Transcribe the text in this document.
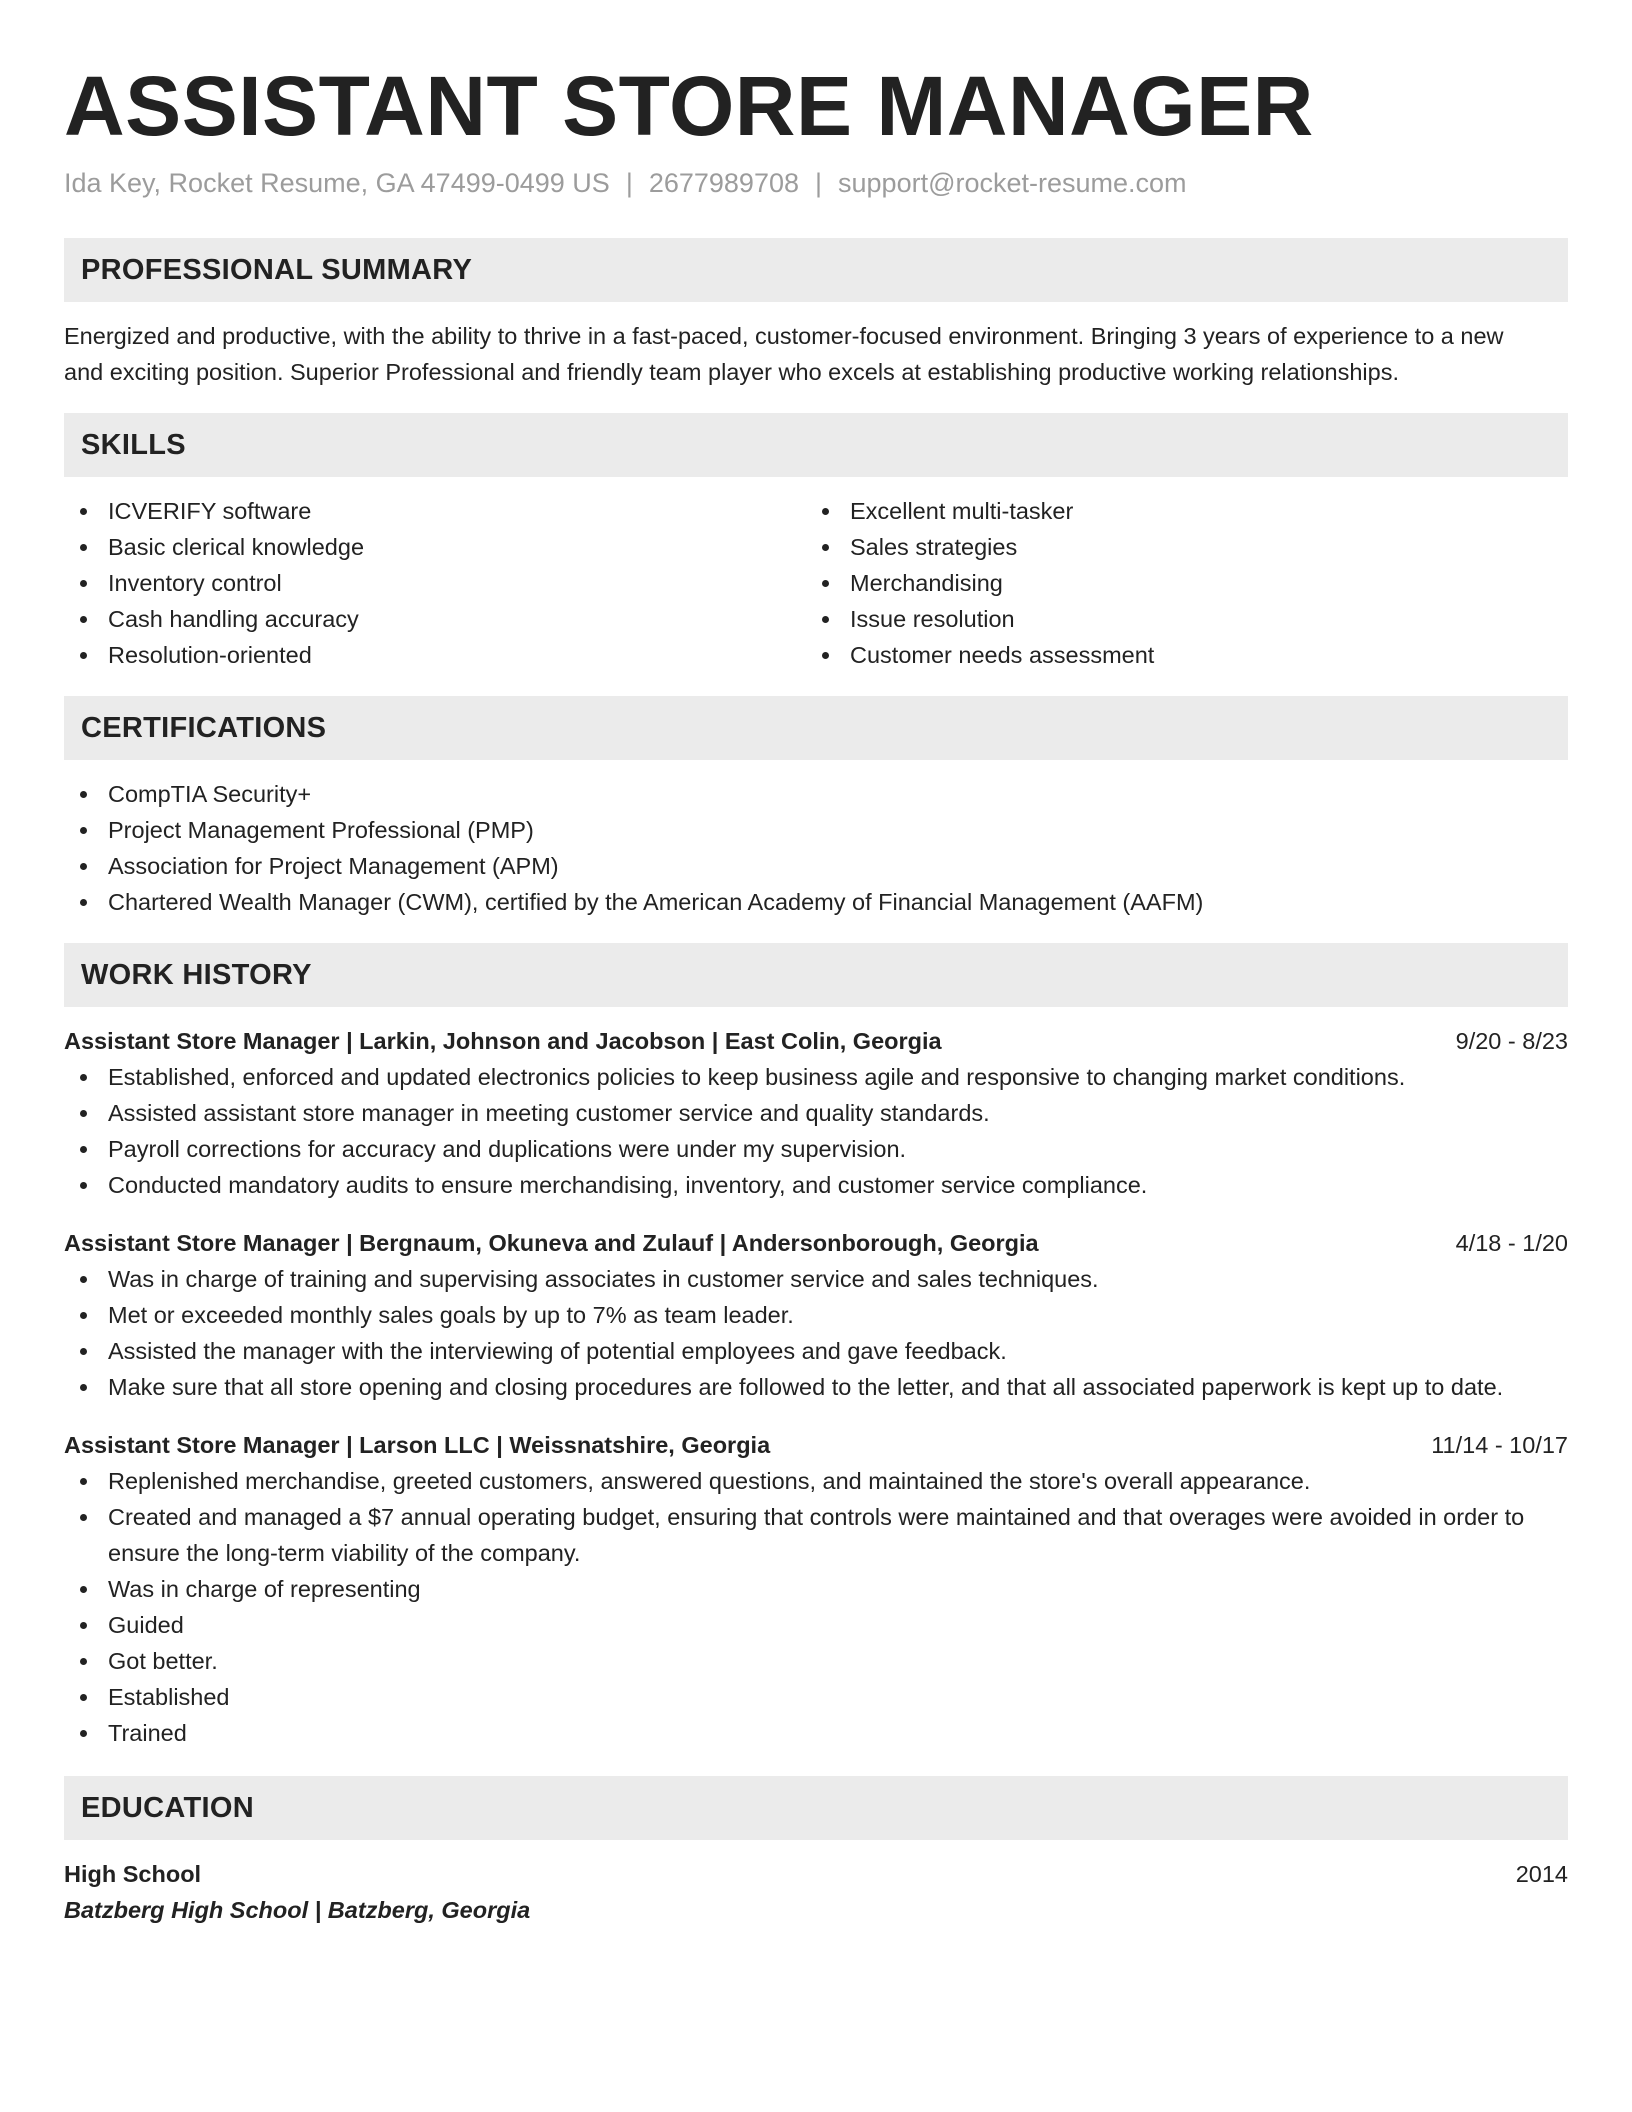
ASSISTANT STORE MANAGER
Ida Key, Rocket Resume, GA 47499-0499 US | 2677989708 | support@rocket-resume.com
PROFESSIONAL SUMMARY

Energized and productive, with the ability to thrive in a fast-paced, customer-focused environment. Bringing 3 years of experience to a new and exciting position. Superior Professional and friendly team player who excels at establishing productive working relationships.

SKILLS
ICVERIFY software
Basic clerical knowledge
Inventory control
Cash handling accuracy
Resolution-oriented
Excellent multi-tasker
Sales strategies
Merchandising
Issue resolution
Customer needs assessment
CERTIFICATIONS
CompTIA Security+
Project Management Professional (PMP)
Association for Project Management (APM)
Chartered Wealth Manager (CWM), certified by the American Academy of Financial Management (AAFM)
WORK HISTORY
Assistant Store Manager | Larkin, Johnson and Jacobson | East Colin, Georgia	9/20 - 8/23
Established, enforced and updated electronics policies to keep business agile and responsive to changing market conditions.
Assisted assistant store manager in meeting customer service and quality standards.
Payroll corrections for accuracy and duplications were under my supervision.
Conducted mandatory audits to ensure merchandising, inventory, and customer service compliance.
Assistant Store Manager | Bergnaum, Okuneva and Zulauf | Andersonborough, Georgia	4/18 - 1/20
Was in charge of training and supervising associates in customer service and sales techniques.
Met or exceeded monthly sales goals by up to 7% as team leader.
Assisted the manager with the interviewing of potential employees and gave feedback.
Make sure that all store opening and closing procedures are followed to the letter, and that all associated paperwork is kept up to date.
Assistant Store Manager | Larson LLC | Weissnatshire, Georgia	11/14 - 10/17
Replenished merchandise, greeted customers, answered questions, and maintained the store's overall appearance.
Created and managed a $7 annual operating budget, ensuring that controls were maintained and that overages were avoided in order to ensure the long-term viability of the company.
Was in charge of representing
Guided
Got better.
Established
Trained
EDUCATION
High School	2014
Batzberg High School | Batzberg, Georgia
